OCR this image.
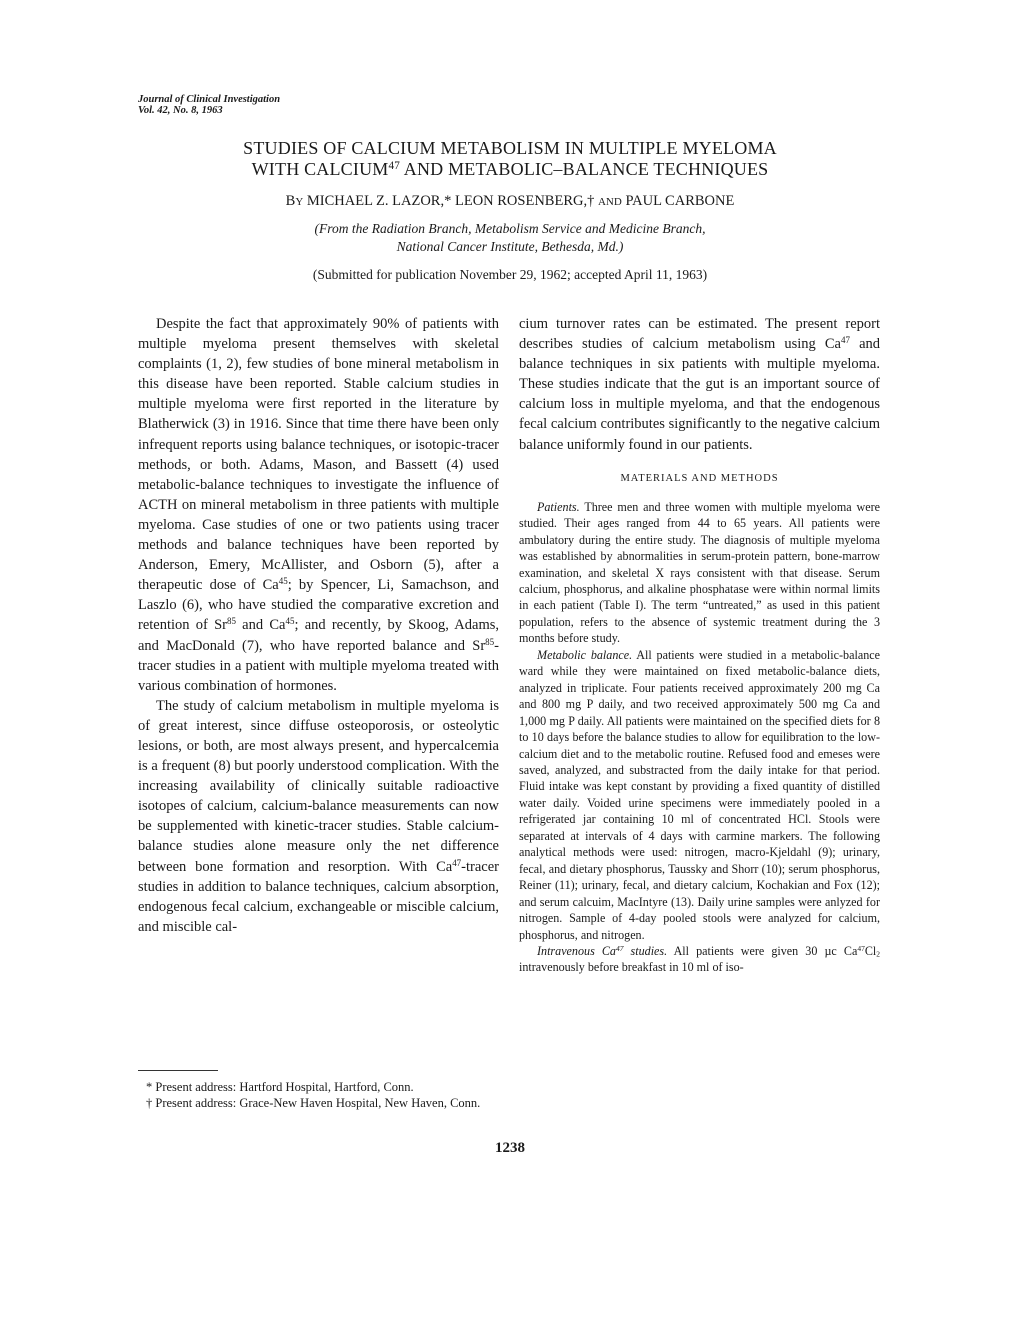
Journal of Clinical Investigation
Vol. 42, No. 8, 1963
STUDIES OF CALCIUM METABOLISM IN MULTIPLE MYELOMA
WITH CALCIUM$^{47}$ AND METABOLIC–BALANCE TECHNIQUES
BY MICHAEL Z. LAZOR,* LEON ROSENBERG,† AND PAUL CARBONE
(From the Radiation Branch, Metabolism Service and Medicine Branch,
National Cancer Institute, Bethesda, Md.)
(Submitted for publication November 29, 1962; accepted April 11, 1963)

Despite the fact that approximately 90% of patients with multiple myeloma present themselves with skeletal complaints (1, 2), few studies of bone mineral metabolism in this disease have been reported. Stable calcium studies in multiple myeloma were first reported in the literature by Blatherwick (3) in 1916. Since that time there have been only infrequent reports using balance techniques, or isotopic-tracer methods, or both. Adams, Mason, and Bassett (4) used metabolic-balance techniques to investigate the influence of ACTH on mineral metabolism in three patients with multiple myeloma. Case studies of one or two patients using tracer methods and balance techniques have been reported by Anderson, Emery, McAllister, and Osborn (5), after a therapeutic dose of Ca$^{45}$; by Spencer, Li, Samachson, and Laszlo (6), who have studied the comparative excretion and retention of Sr$^{85}$ and Ca$^{45}$; and recently, by Skoog, Adams, and MacDonald (7), who have reported balance and Sr$^{85}$-tracer studies in a patient with multiple myeloma treated with various combination of hormones.

The study of calcium metabolism in multiple myeloma is of great interest, since diffuse osteoporosis, or osteolytic lesions, or both, are most always present, and hypercalcemia is a frequent (8) but poorly understood complication. With the increasing availability of clinically suitable radioactive isotopes of calcium, calcium-balance measurements can now be supplemented with kinetic-tracer studies. Stable calcium-balance studies alone measure only the net difference between bone formation and resorption. With Ca$^{47}$-tracer studies in addition to balance techniques, calcium absorption, endogenous fecal calcium, exchangeable or miscible calcium, and miscible cal-

cium turnover rates can be estimated. The present report describes studies of calcium metabolism using Ca$^{47}$ and balance techniques in six patients with multiple myeloma. These studies indicate that the gut is an important source of calcium loss in multiple myeloma, and that the endogenous fecal calcium contributes significantly to the negative calcium balance uniformly found in our patients.

MATERIALS AND METHODS

Patients. Three men and three women with multiple myeloma were studied. Their ages ranged from 44 to 65 years. All patients were ambulatory during the entire study. The diagnosis of multiple myeloma was established by abnormalities in serum-protein pattern, bone-marrow examination, and skeletal X rays consistent with that disease. Serum calcium, phosphorus, and alkaline phosphatase were within normal limits in each patient (Table I). The term “untreated,” as used in this patient population, refers to the absence of systemic treatment during the 3 months before study.

Metabolic balance. All patients were studied in a metabolic-balance ward while they were maintained on fixed metabolic-balance diets, analyzed in triplicate. Four patients received approximately 200 mg Ca and 800 mg P daily, and two received approximately 500 mg Ca and 1,000 mg P daily. All patients were maintained on the specified diets for 8 to 10 days before the balance studies to allow for equilibration to the low-calcium diet and to the metabolic routine. Refused food and emeses were saved, analyzed, and substracted from the daily intake for that period. Fluid intake was kept constant by providing a fixed quantity of distilled water daily. Voided urine specimens were immediately pooled in a refrigerated jar containing 10 ml of concentrated HCl. Stools were separated at intervals of 4 days with carmine markers. The following analytical methods were used: nitrogen, macro-Kjeldahl (9); urinary, fecal, and dietary phosphorus, Taussky and Shorr (10); serum phosphorus, Reiner (11); urinary, fecal, and dietary calcium, Kochakian and Fox (12); and serum calcuim, MacIntyre (13). Daily urine samples were anlyzed for nitrogen. Sample of 4-day pooled stools were analyzed for calcium, phosphorus, and nitrogen.

Intravenous Ca$^{47}$ studies. All patients were given 30 µc $Ca^{47}Cl_2$ intravenously before breakfast in 10 ml of iso-

* Present address: Hartford Hospital, Hartford, Conn.

† Present address: Grace-New Haven Hospital, New Haven, Conn.

1238
